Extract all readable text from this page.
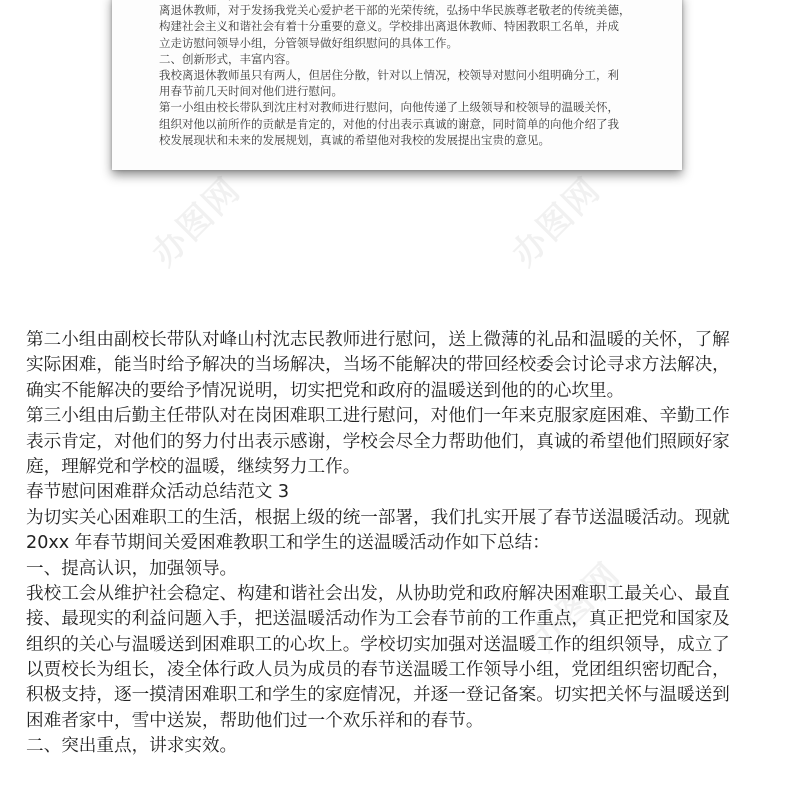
离退休教师，对于发扬我党关心爱护老干部的光荣传统，弘扬中华民族尊老敬老的传统美德，
构建社会主义和谐社会有着十分重要的意义。学校排出离退休教师、特困教职工名单，并成
立走访慰问领导小组，分管领导做好组织慰问的具体工作。
二、创新形式，丰富内容。
我校离退休教师虽只有两人，但居住分散，针对以上情况，校领导对慰问小组明确分工，利
用春节前几天时间对他们进行慰问。
第一小组由校长带队到沈庄村对教师进行慰问，向他传递了上级领导和校领导的温暖关怀，
组织对他以前所作的贡献是肯定的，对他的付出表示真诚的谢意，同时简单的向他介绍了我
校发展现状和未来的发展规划，真诚的希望他对我校的发展提出宝贵的意见。
办图网	办图网
办图网
第二小组由副校长带队对峰山村沈志民教师进行慰问，送上微薄的礼品和温暖的关怀，了解
实际困难，能当时给予解决的当场解决，当场不能解决的带回经校委会讨论寻求方法解决，
确实不能解决的要给予情况说明，切实把党和政府的温暖送到他的的心坎里。
第三小组由后勤主任带队对在岗困难职工进行慰问，对他们一年来克服家庭困难、辛勤工作
表示肯定，对他们的努力付出表示感谢，学校会尽全力帮助他们，真诚的希望他们照顾好家
庭，理解党和学校的温暖，继续努力工作。
春节慰问困难群众活动总结范文 3
为切实关心困难职工的生活，根据上级的统一部署，我们扎实开展了春节送温暖活动。现就
20xx 年春节期间关爱困难教职工和学生的送温暖活动作如下总结：
一、提高认识，加强领导。
我校工会从维护社会稳定、构建和谐社会出发，从协助党和政府解决困难职工最关心、最直
接、最现实的利益问题入手，把送温暖活动作为工会春节前的工作重点，真正把党和国家及
组织的关心与温暖送到困难职工的心坎上。学校切实加强对送温暖工作的组织领导，成立了
以贾校长为组长，凌全体行政人员为成员的春节送温暖工作领导小组，党团组织密切配合，
积极支持，逐一摸清困难职工和学生的家庭情况，并逐一登记备案。切实把关怀与温暖送到
困难者家中，雪中送炭，帮助他们过一个欢乐祥和的春节。
二、突出重点，讲求实效。
